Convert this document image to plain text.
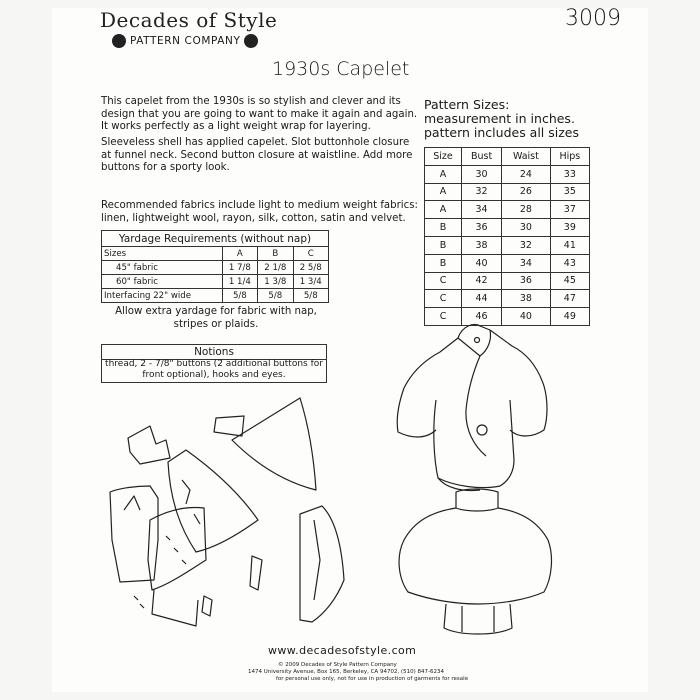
Decades of Style
PATTERN COMPANY
3009
1930s Capelet
This capelet from the 1930s is so stylish and clever and its design that you are going to want to make it again and again. It works perfectly as a light weight wrap for layering.
Sleeveless shell has applied capelet. Slot buttonhole closure at funnel neck. Second button closure at waistline. Add more buttons for a sporty look.
Recommended fabrics include light to medium weight fabrics: linen, lightweight wool, rayon, silk, cotton, satin and velvet.
Pattern Sizes:
measurement in inches.
pattern includes all sizes
Size	Bust	Waist	Hips
A	30	24	33
A	32	26	35
A	34	28	37
B	36	30	39
B	38	32	41
B	40	34	43
C	42	36	45
C	44	38	47
C	46	40	49
Yardage Requirements (without nap)
Sizes	A	B	C
45" fabric	1 7/8	2 1/8	2 5/8
60" fabric	1 1/4	1 3/8	1 3/4
Interfacing 22" wide	5/8	5/8	5/8
Allow extra yardage for fabric with nap, stripes or plaids.
Notions
thread, 2 - 7/8" buttons (2 additional buttons for front optional), hooks and eyes.
www.decadesofstyle.com
© 2009 Decades of Style Pattern Company
1474 University Avenue, Box 165, Berkeley, CA 94702, (510) 847-6234
for personal use only, not for use in production of garments for resale
